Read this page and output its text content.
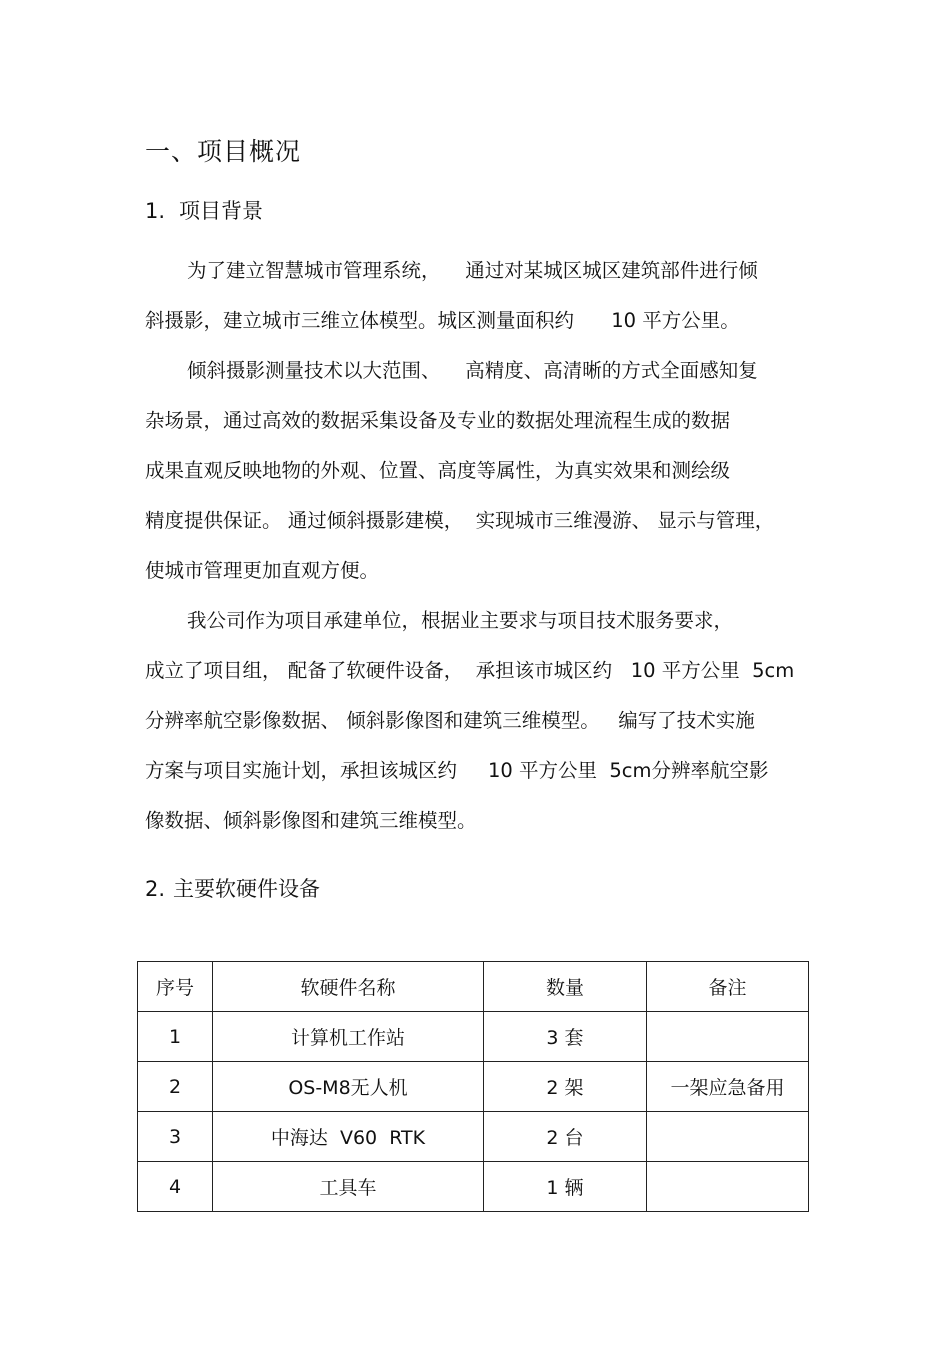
一、项目概况
1. 项目背景
为了建立智慧城市管理系统，    通过对某城区城区建筑部件进行倾
斜摄影，建立城市三维立体模型。城区测量面积约      10 平方公里。
倾斜摄影测量技术以大范围、    高精度、高清晰的方式全面感知复
杂场景，通过高效的数据采集设备及专业的数据处理流程生成的数据
成果直观反映地物的外观、位置、高度等属性，为真实效果和测绘级
精度提供保证。 通过倾斜摄影建模，  实现城市三维漫游、 显示与管理，
使城市管理更加直观方便。
我公司作为项目承建单位，根据业主要求与项目技术服务要求，
成立了项目组， 配备了软硬件设备，  承担该市城区约   10 平方公里  5cm
分辨率航空影像数据、 倾斜影像图和建筑三维模型。   编写了技术实施
方案与项目实施计划，承担该城区约     10 平方公里  5cm分辨率航空影
像数据、倾斜影像图和建筑三维模型。
2. 主要软硬件设备
序号	软硬件名称	数量	备注
1	计算机工作站	3 套	
2	OS-M8无人机	2 架	一架应急备用
3	中海达  V60  RTK	2 台	
4	工具车	1 辆	
